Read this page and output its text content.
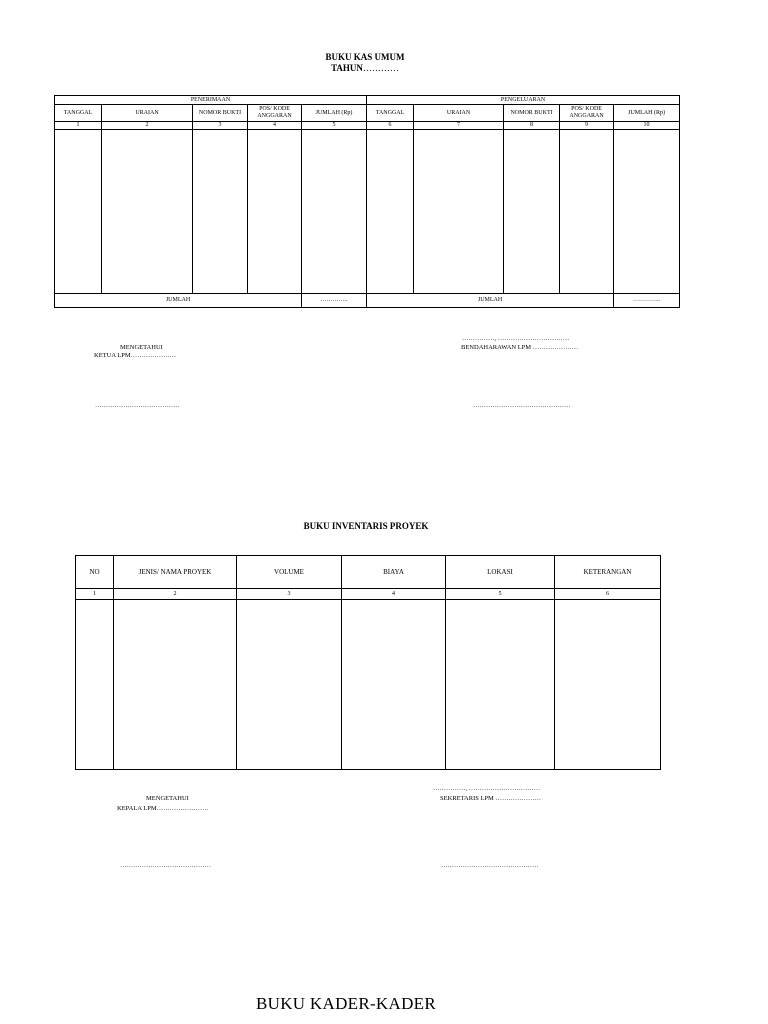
BUKU KAS UMUM
TAHUN…………
PENERIMAAN					PENGELUARAN				
TANGGAL	URAIAN	NOMOR BUKTI	POS/ KODE ANGGARAN	JUMLAH (Rp)	TANGGAL	URAIAN	NOMOR BUKTI	POS/ KODE ANGGARAN	JUMLAH (Rp)
1	2	3	4	5	6	7	8	9	10

JUMLAH				…………..	JUMLAH				…………..
MENGETAHUI
KETUA LPM…………………
…………………………………
……………, ……………………………
BENDAHARAWAN LPM …………………
………………………………………
BUKU INVENTARIS PROYEK
NO	JENIS/ NAMA PROYEK	VOLUME	BIAYA	LOKASI	KETERANGAN
1	2	3	4	5	6

MENGETAHUI
KEPALA LPM……………………
……………………………………
……………, ……………………………
SEKRETARIS LPM …………………
………………………………………
BUKU KADER-KADER
